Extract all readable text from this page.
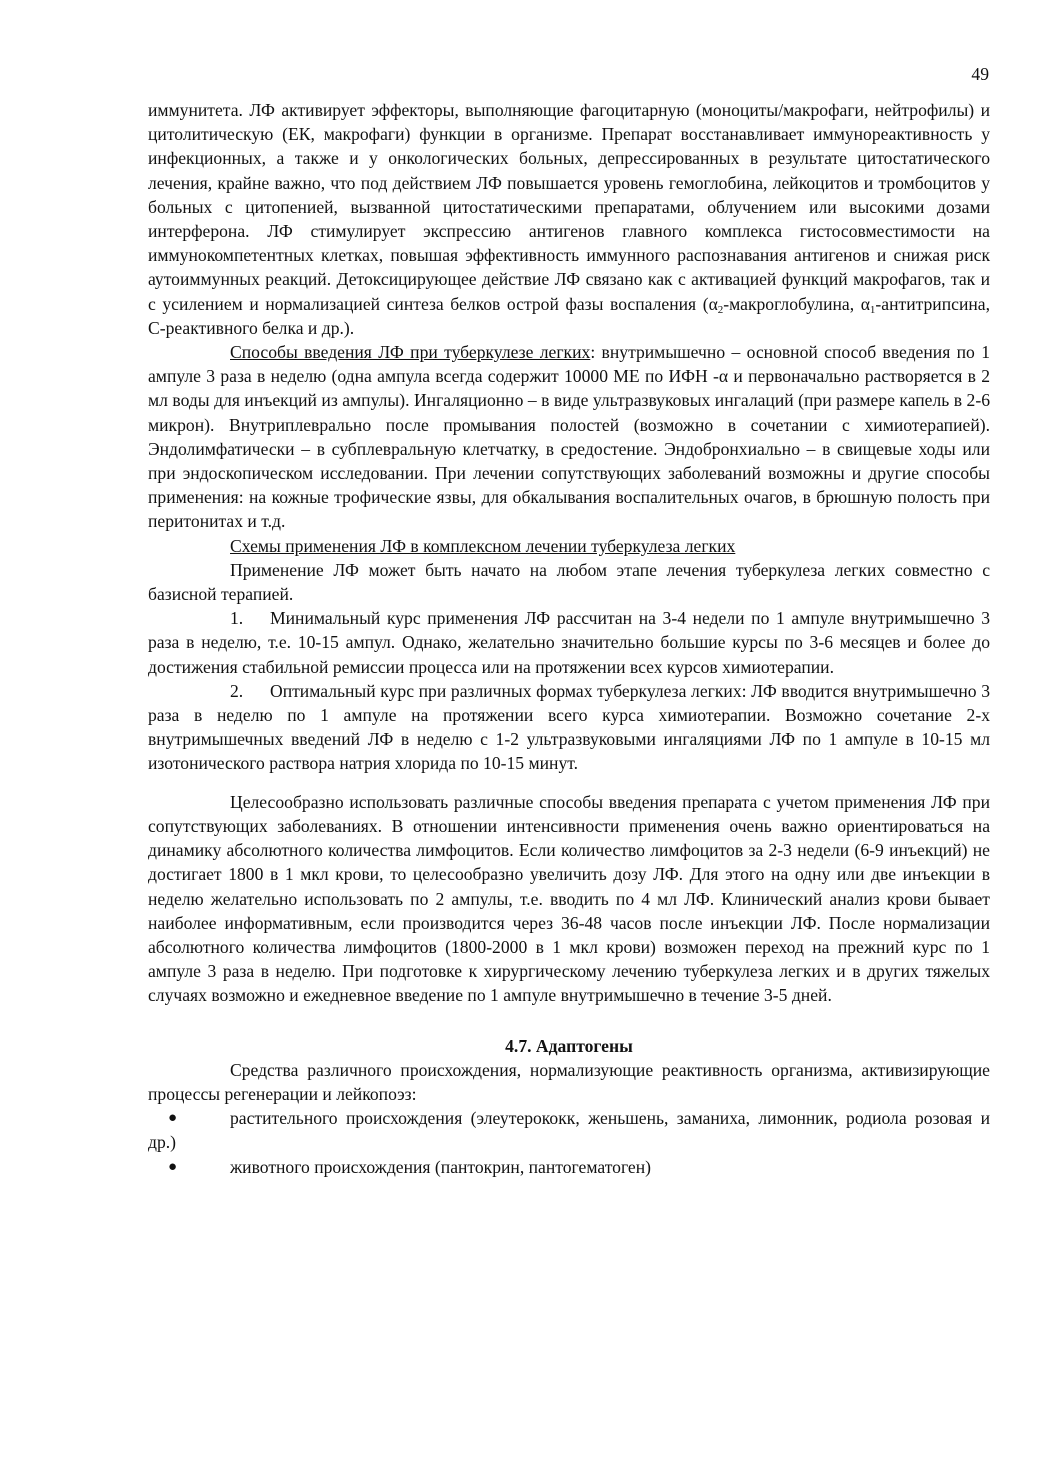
49

иммунитета. ЛФ активирует эффекторы, выполняющие фагоцитарную (моноциты/макрофаги, нейтрофилы) и цитолитическую (ЕК, макрофаги) функции в организме. Препарат восстанавливает иммунореактивность у инфекционных, а также и у онкологических больных, депрессированных в результате цитостатического лечения, крайне важно, что под действием ЛФ повышается уровень гемоглобина, лейкоцитов и тромбоцитов у больных с цитопенией, вызванной цитостатическими препаратами, облучением или высокими дозами интерферона. ЛФ стимулирует экспрессию антигенов главного комплекса гистосовместимости на иммунокомпетентных клетках, повышая эффективность иммунного распознавания антигенов и снижая риск аутоиммунных реакций. Детоксицирующее действие ЛФ связано как с активацией функций макрофагов, так и с усилением и нормализацией синтеза белков острой фазы воспаления ($\alpha_2$-макроглобулина, $\alpha_1$-антитрипсина, С-реактивного белка и др.).

Способы введения ЛФ при туберкулезе легких: внутримышечно – основной способ введения по 1 ампуле 3 раза в неделю (одна ампула всегда содержит 10000 МЕ по ИФН -α и первоначально растворяется в 2 мл воды для инъекций из ампулы). Ингаляционно – в виде ультразвуковых ингалаций (при размере капель в 2-6 микрон). Внутриплеврально после промывания полостей (возможно в сочетании с химиотерапией). Эндолимфатически – в субплевральную клетчатку, в средостение. Эндобронхиально – в свищевые ходы или при эндоскопическом исследовании. При лечении сопутствующих заболеваний возможны и другие способы применения: на кожные трофические язвы, для обкалывания воспалительных очагов, в брюшную полость при перитонитах и т.д.

Схемы применения ЛФ в комплексном лечении туберкулеза легких

Применение ЛФ может быть начато на любом этапе лечения туберкулеза легких совместно с базисной терапией.

1. Минимальный курс применения ЛФ рассчитан на 3-4 недели по 1 ампуле внутримышечно 3 раза в неделю, т.е. 10-15 ампул. Однако, желательно значительно большие курсы по 3-6 месяцев и более до достижения стабильной ремиссии процесса или на протяжении всех курсов химиотерапии.

2. Оптимальный курс при различных формах туберкулеза легких: ЛФ вводится внутримышечно 3 раза в неделю по 1 ампуле на протяжении всего курса химиотерапии. Возможно сочетание 2-х внутримышечных введений ЛФ в неделю с 1-2 ультразвуковыми ингаляциями ЛФ по 1 ампуле в 10-15 мл изотонического раствора натрия хлорида по 10-15 минут.

Целесообразно использовать различные способы введения препарата с учетом применения ЛФ при сопутствующих заболеваниях. В отношении интенсивности применения очень важно ориентироваться на динамику абсолютного количества лимфоцитов. Если количество лимфоцитов за 2-3 недели (6-9 инъекций) не достигает 1800 в 1 мкл крови, то целесообразно увеличить дозу ЛФ. Для этого на одну или две инъекции в неделю желательно использовать по 2 ампулы, т.е. вводить по 4 мл ЛФ. Клинический анализ крови бывает наиболее информативным, если производится через 36-48 часов после инъекции ЛФ. После нормализации абсолютного количества лимфоцитов (1800-2000 в 1 мкл крови) возможен переход на прежний курс по 1 ампуле 3 раза в неделю. При подготовке к хирургическому лечению туберкулеза легких и в других тяжелых случаях возможно и ежедневное введение по 1 ампуле внутримышечно в течение 3-5 дней.

4.7. Адаптогены

Средства различного происхождения, нормализующие реактивность организма, активизирующие процессы регенерации и лейкопоэз:

●	растительного происхождения (элеутерококк, женьшень, заманиха, лимонник, родиола розовая и др.)

●	животного происхождения (пантокрин, пантогематоген)
